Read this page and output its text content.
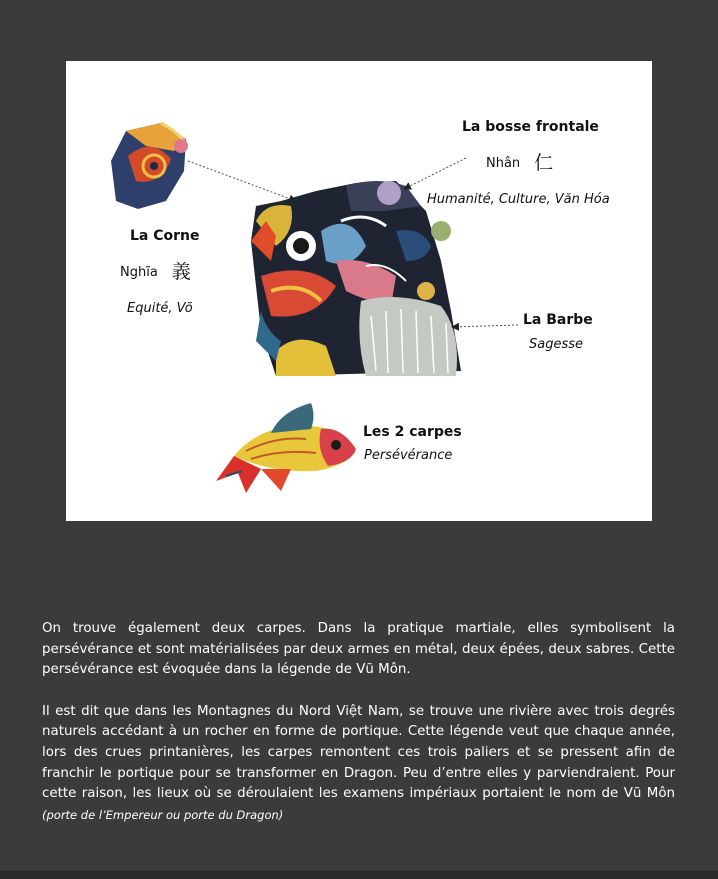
La Corne
Nghĩa 義
Equité, Võ
La bosse frontale
Nhân 仁
Humanité, Culture, Văn Hóa
La Barbe
Sagesse
Les 2 carpes
Persévérance

On trouve également deux carpes. Dans la pratique martiale, elles symbolisent la persévérance et sont matérialisées par deux armes en métal, deux épées, deux sabres. Cette persévérance est évoquée dans la légende de Vũ Môn.

Il est dit que dans les Montagnes du Nord Việt Nam, se trouve une rivière avec trois degrés naturels accédant à un rocher en forme de portique. Cette légende veut que chaque année, lors des crues printanières, les carpes remontent ces trois paliers et se pressent afin de franchir le portique pour se transformer en Dragon. Peu d’entre elles y parviendraient. Pour cette raison, les lieux où se déroulaient les examens impériaux portaient le nom de Vũ Môn (porte de l’Empereur ou porte du Dragon)
